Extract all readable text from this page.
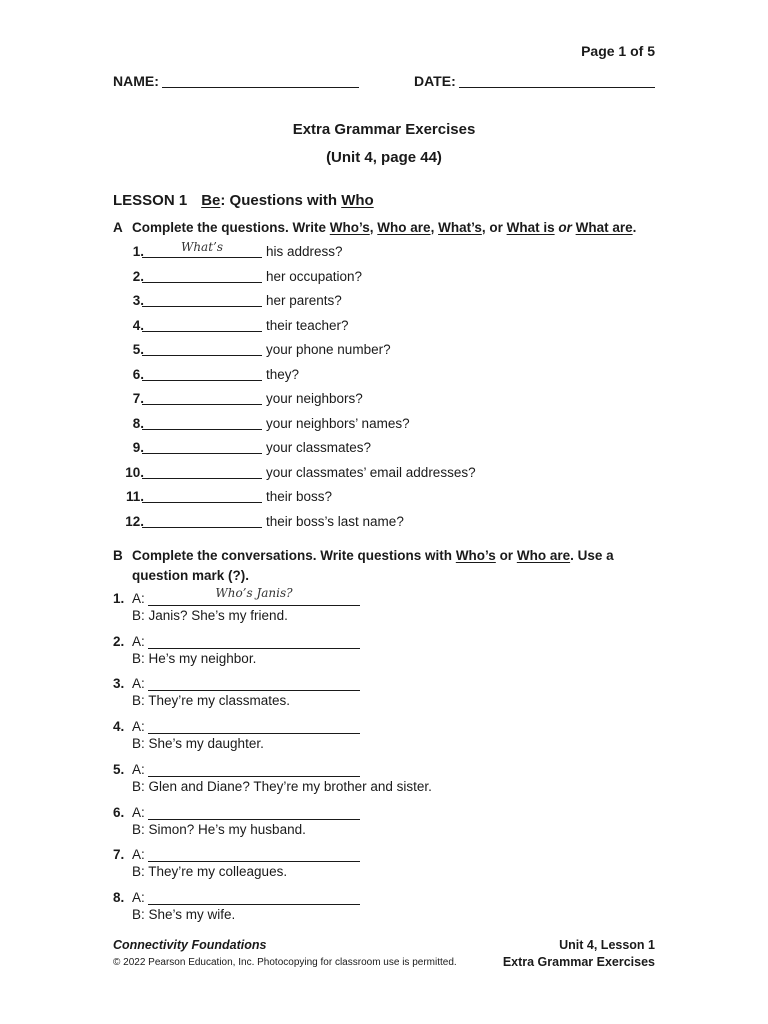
Page 1 of 5
NAME:	DATE:
Extra Grammar Exercises
(Unit 4, page 44)
LESSON 1 Be: Questions with Who
A Complete the questions. Write Who’s, Who are, What’s, or What is or What are.
1.	What’s	his address?
2.	her occupation?
3.	her parents?
4.	their teacher?
5.	your phone number?
6.	they?
7.	your neighbors?
8.	your neighbors’ names?
9.	your classmates?
10.	your classmates’ email addresses?
11.	their boss?
12.	their boss’s last name?
B Complete the conversations. Write questions with Who’s or Who are. Use a
question mark (?).
1. A:	Who’s Janis?
B: Janis? She’s my friend.
2. A:
B: He’s my neighbor.
3. A:
B: They’re my classmates.
4. A:
B: She’s my daughter.
5. A:
B: Glen and Diane? They’re my brother and sister.
6. A:
B: Simon? He’s my husband.
7. A:
B: They’re my colleagues.
8. A:
B: She’s my wife.
Connectivity Foundations
© 2022 Pearson Education, Inc. Photocopying for classroom use is permitted.
Unit 4, Lesson 1
Extra Grammar Exercises
